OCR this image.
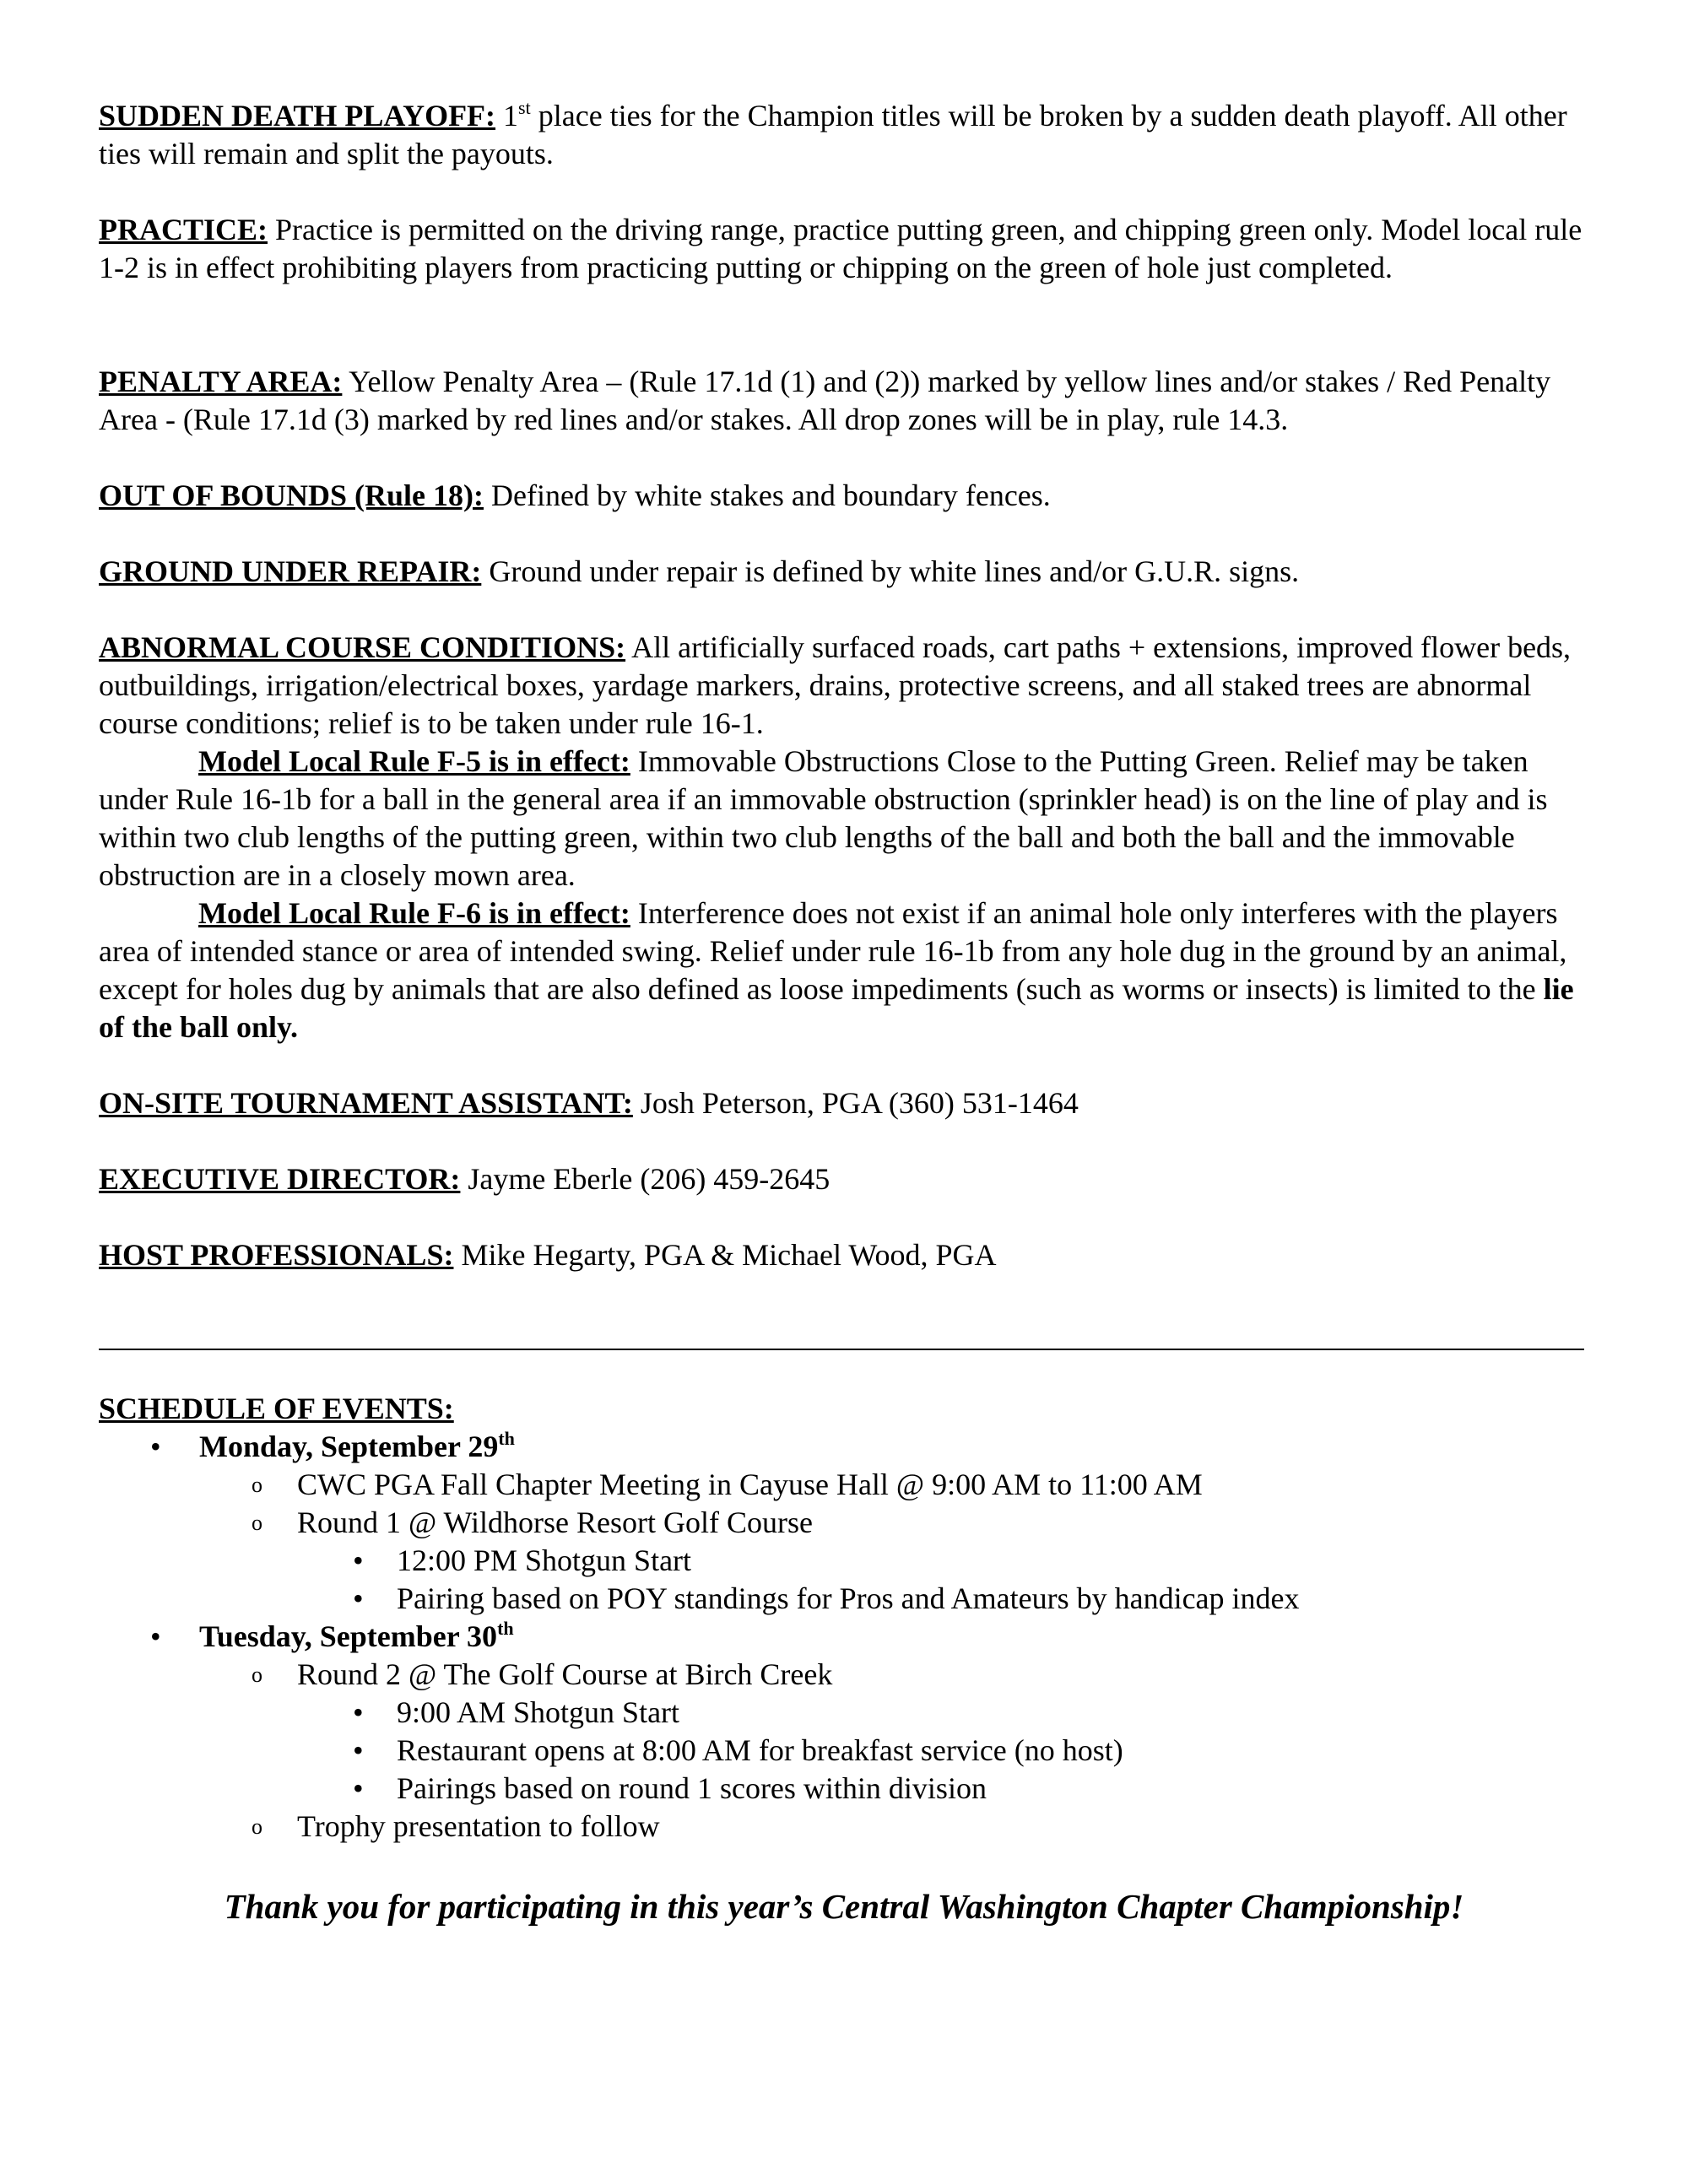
SUDDEN DEATH PLAYOFF: 1st place ties for the Champion titles will be broken by a sudden death playoff. All other ties will remain and split the payouts.

PRACTICE: Practice is permitted on the driving range, practice putting green, and chipping green only. Model local rule 1-2 is in effect prohibiting players from practicing putting or chipping on the green of hole just completed.

PENALTY AREA: Yellow Penalty Area – (Rule 17.1d (1) and (2)) marked by yellow lines and/or stakes / Red Penalty Area - (Rule 17.1d (3) marked by red lines and/or stakes. All drop zones will be in play, rule 14.3.

OUT OF BOUNDS (Rule 18): Defined by white stakes and boundary fences.

GROUND UNDER REPAIR: Ground under repair is defined by white lines and/or G.U.R. signs.

ABNORMAL COURSE CONDITIONS: All artificially surfaced roads, cart paths + extensions, improved flower beds, outbuildings, irrigation/electrical boxes, yardage markers, drains, protective screens, and all staked trees are abnormal course conditions; relief is to be taken under rule 16-1.

Model Local Rule F-5 is in effect: Immovable Obstructions Close to the Putting Green. Relief may be taken under Rule 16-1b for a ball in the general area if an immovable obstruction (sprinkler head) is on the line of play and is within two club lengths of the putting green, within two club lengths of the ball and both the ball and the immovable obstruction are in a closely mown area.

Model Local Rule F-6 is in effect: Interference does not exist if an animal hole only interferes with the players area of intended stance or area of intended swing. Relief under rule 16-1b from any hole dug in the ground by an animal, except for holes dug by animals that are also defined as loose impediments (such as worms or insects) is limited to the lie of the ball only.

ON-SITE TOURNAMENT ASSISTANT: Josh Peterson, PGA (360) 531-1464

EXECUTIVE DIRECTOR: Jayme Eberle (206) 459-2645

HOST PROFESSIONALS: Mike Hegarty, PGA & Michael Wood, PGA

SCHEDULE OF EVENTS:
• Monday, September 29th
o CWC PGA Fall Chapter Meeting in Cayuse Hall @ 9:00 AM to 11:00 AM
o Round 1 @ Wildhorse Resort Golf Course
• 12:00 PM Shotgun Start
• Pairing based on POY standings for Pros and Amateurs by handicap index
• Tuesday, September 30th
o Round 2 @ The Golf Course at Birch Creek
• 9:00 AM Shotgun Start
• Restaurant opens at 8:00 AM for breakfast service (no host)
• Pairings based on round 1 scores within division
o Trophy presentation to follow
Thank you for participating in this year’s Central Washington Chapter Championship!
